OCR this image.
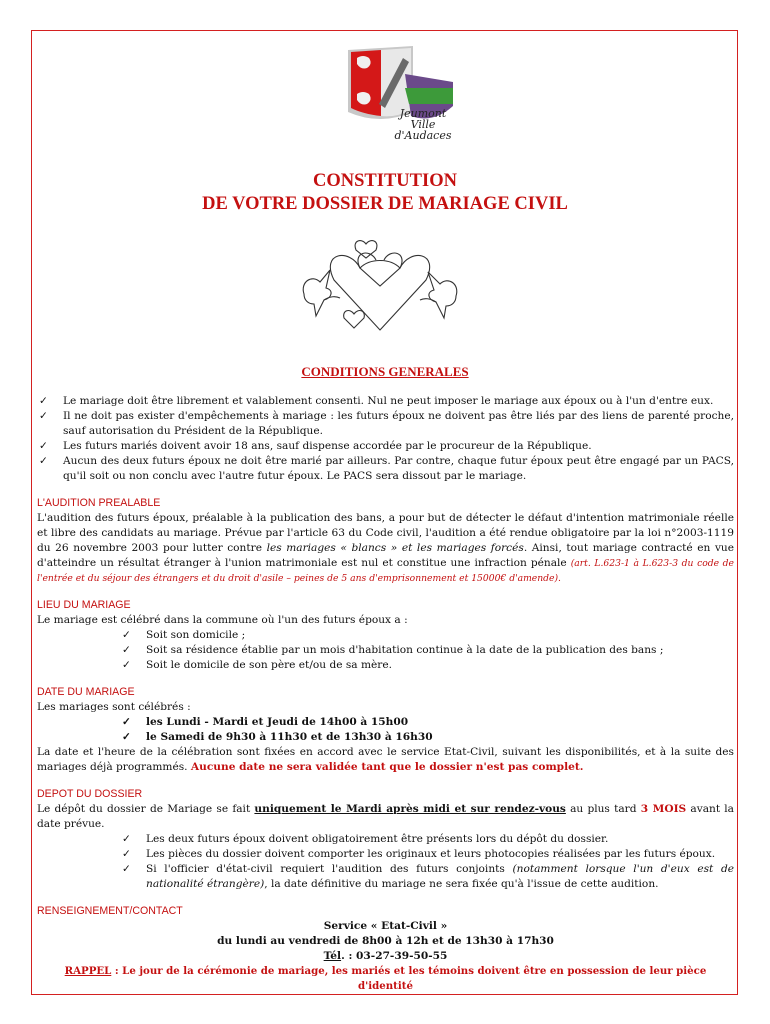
Jeumont
Ville d'Audaces
CONSTITUTION
DE VOTRE DOSSIER DE MARIAGE CIVIL
CONDITIONS GENERALES
✓ Le mariage doit être librement et valablement consenti. Nul ne peut imposer le mariage aux époux ou à l'un d'entre eux.
✓ Il ne doit pas exister d'empêchements à mariage : les futurs époux ne doivent pas être liés par des liens de parenté proche, sauf autorisation du Président de la République.
✓ Les futurs mariés doivent avoir 18 ans, sauf dispense accordée par le procureur de la République.
✓ Aucun des deux futurs époux ne doit être marié par ailleurs. Par contre, chaque futur époux peut être engagé par un PACS, qu'il soit ou non conclu avec l'autre futur époux. Le PACS sera dissout par le mariage.
L'AUDITION PREALABLE

L'audition des futurs époux, préalable à la publication des bans, a pour but de détecter le défaut d'intention matrimoniale réelle et libre des candidats au mariage. Prévue par l'article 63 du Code civil, l'audition a été rendue obligatoire par la loi n°2003-1119 du 26 novembre 2003 pour lutter contre les mariages « blancs » et les mariages forcés. Ainsi, tout mariage contracté en vue d'atteindre un résultat étranger à l'union matrimoniale est nul et constitue une infraction pénale (art. L.623-1 à L.623-3 du code de l'entrée et du séjour des étrangers et du droit d'asile – peines de 5 ans d'emprisonnement et 15000€ d'amende).

LIEU DU MARIAGE

Le mariage est célébré dans la commune où l'un des futurs époux a :

✓ Soit son domicile ;
✓ Soit sa résidence établie par un mois d'habitation continue à la date de la publication des bans ;
✓ Soit le domicile de son père et/ou de sa mère.
DATE DU MARIAGE

Les mariages sont célébrés :

✓ les Lundi - Mardi et Jeudi de 14h00 à 15h00
✓ le Samedi de 9h30 à 11h30 et de 13h30 à 16h30

La date et l'heure de la célébration sont fixées en accord avec le service Etat-Civil, suivant les disponibilités, et à la suite des mariages déjà programmés. Aucune date ne sera validée tant que le dossier n'est pas complet.

DEPOT DU DOSSIER

Le dépôt du dossier de Mariage se fait uniquement le Mardi après midi et sur rendez-vous au plus tard 3 MOIS avant la date prévue.

✓ Les deux futurs époux doivent obligatoirement être présents lors du dépôt du dossier.
✓ Les pièces du dossier doivent comporter les originaux et leurs photocopies réalisées par les futurs époux.
✓ Si l'officier d'état-civil requiert l'audition des futurs conjoints (notamment lorsque l'un d'eux est de nationalité étrangère), la date définitive du mariage ne sera fixée qu'à l'issue de cette audition.
RENSEIGNEMENT/CONTACT

Service « Etat-Civil »

du lundi au vendredi de 8h00 à 12h et de 13h30 à 17h30

Tél. : 03-27-39-50-55

RAPPEL : Le jour de la cérémonie de mariage, les mariés et les témoins doivent être en possession de leur pièce d'identité
